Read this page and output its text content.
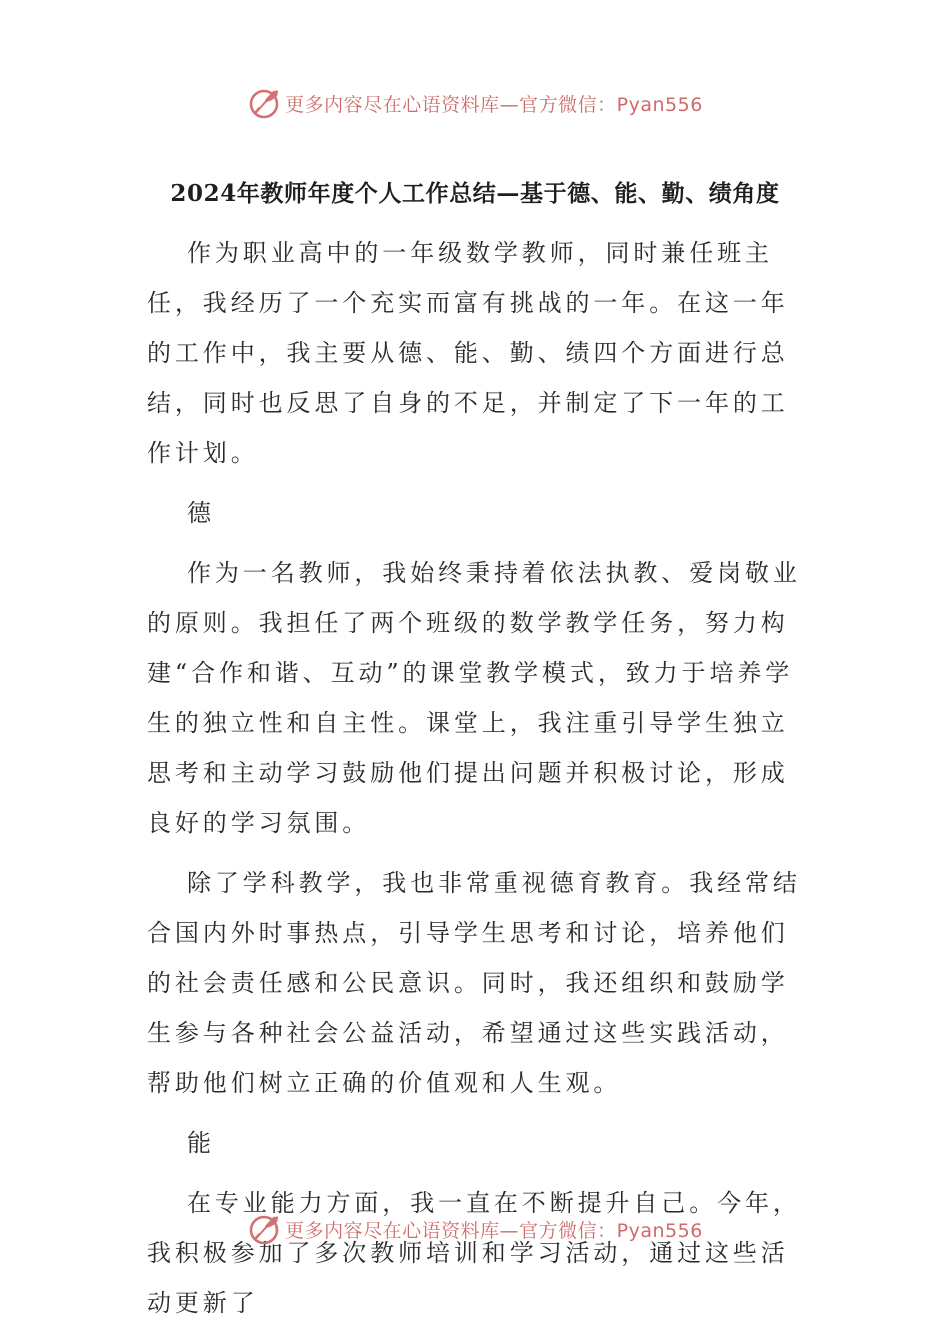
更多内容尽在心语资料库—官方微信：Pyan556
2024年教师年度个人工作总结—基于德、能、勤、绩角度

作为职业高中的一年级数学教师，同时兼任班主任，我经历了一个充实而富有挑战的一年。在这一年的工作中，我主要从德、能、勤、绩四个方面进行总结，同时也反思了自身的不足，并制定了下一年的工作计划。

德

作为一名教师，我始终秉持着依法执教、爱岗敬业的原则。我担任了两个班级的数学教学任务，努力构建“合作和谐、互动”的课堂教学模式，致力于培养学生的独立性和自主性。课堂上，我注重引导学生独立思考和主动学习鼓励他们提出问题并积极讨论，形成良好的学习氛围。

除了学科教学，我也非常重视德育教育。我经常结合国内外时事热点，引导学生思考和讨论，培养他们的社会责任感和公民意识。同时，我还组织和鼓励学生参与各种社会公益活动，希望通过这些实践活动，帮助他们树立正确的价值观和人生观。

能

在专业能力方面，我一直在不断提升自己。今年，我积极参加了多次教师培训和学习活动，通过这些活动更新了

更多内容尽在心语资料库—官方微信：Pyan556
